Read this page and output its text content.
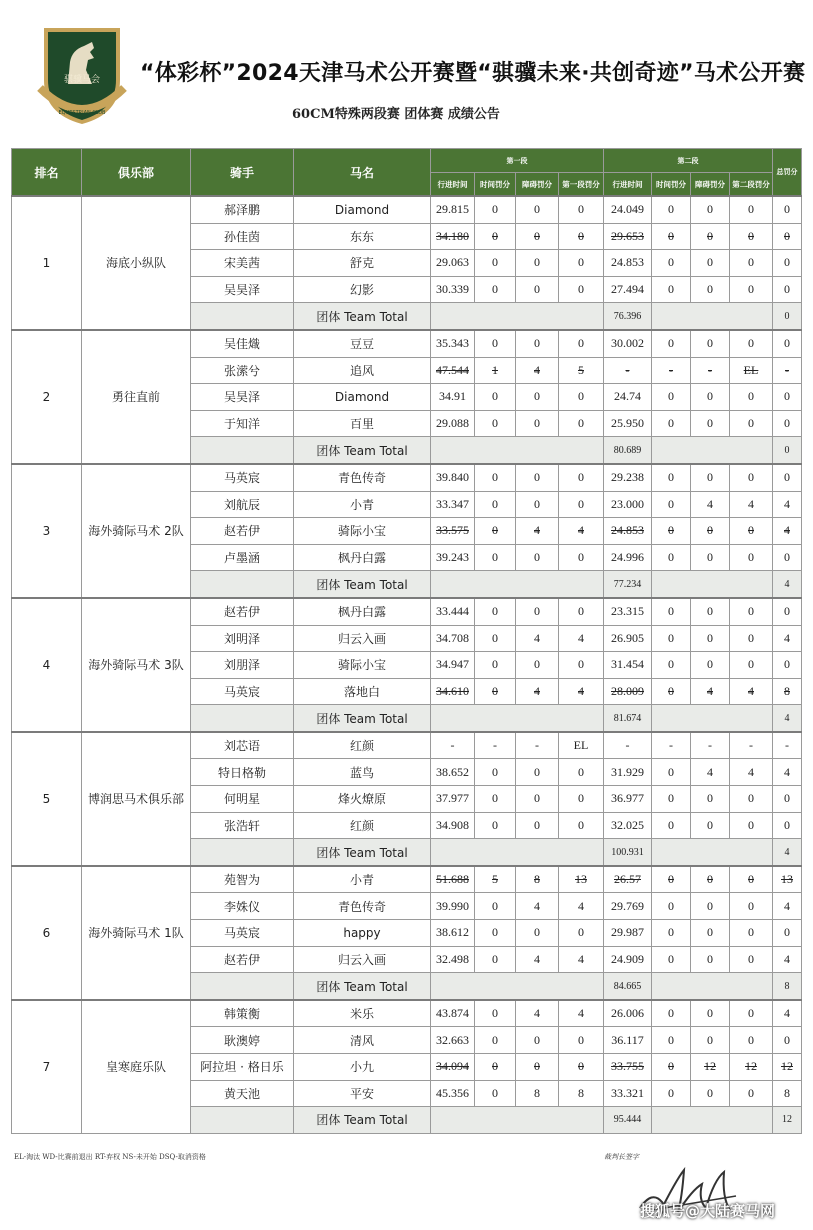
骐骥马会
EQUESTRIAN CLUB
“体彩杯”2024天津马术公开赛暨“骐骥未来·共创奇迹”马术公开赛
60CM特殊两段赛 团体赛 成绩公告
排名	俱乐部	骑手	马名	第一段				第二段				总罚分
				行进时间	时间罚分	障碍罚分	第一段罚分	行进时间	时间罚分	障碍罚分	第二段罚分	
1	海底小纵队	郝泽鹏	Diamond	29.815	0	0	0	24.049	0	0	0	0
		孙佳茵	东东	34.180	0	0	0	29.653	0	0	0	0
		宋美茜	舒克	29.063	0	0	0	24.853	0	0	0	0
		吴昊泽	幻影	30.339	0	0	0	27.494	0	0	0	0
			团体 Team Total					76.396				0
2	勇往直前	吴佳熾	豆豆	35.343	0	0	0	30.002	0	0	0	0
		张潆兮	追风	47.544	1	4	5	-	-	-	EL	-
		吴昊泽	Diamond	34.91	0	0	0	24.74	0	0	0	0
		于知洋	百里	29.088	0	0	0	25.950	0	0	0	0
			团体 Team Total					80.689				0
3	海外骑际马术 2队	马英宸	青色传奇	39.840	0	0	0	29.238	0	0	0	0
		刘航辰	小青	33.347	0	0	0	23.000	0	4	4	4
		赵若伊	骑际小宝	33.575	0	4	4	24.853	0	0	0	4
		卢墨涵	枫丹白露	39.243	0	0	0	24.996	0	0	0	0
			团体 Team Total					77.234				4
4	海外骑际马术 3队	赵若伊	枫丹白露	33.444	0	0	0	23.315	0	0	0	0
		刘明泽	归云入画	34.708	0	4	4	26.905	0	0	0	4
		刘朋泽	骑际小宝	34.947	0	0	0	31.454	0	0	0	0
		马英宸	落地白	34.610	0	4	4	28.009	0	4	4	8
			团体 Team Total					81.674				4
5	博润思马术俱乐部	刘芯语	红颜	-	-	-	EL	-	-	-	-	-
		特日格勒	蓝鸟	38.652	0	0	0	31.929	0	4	4	4
		何明星	烽火燎原	37.977	0	0	0	36.977	0	0	0	0
		张浩轩	红颜	34.908	0	0	0	32.025	0	0	0	0
			团体 Team Total					100.931				4
6	海外骑际马术 1队	苑智为	小青	51.688	5	8	13	26.57	0	0	0	13
		李姝仪	青色传奇	39.990	0	4	4	29.769	0	0	0	4
		马英宸	happy	38.612	0	0	0	29.987	0	0	0	0
		赵若伊	归云入画	32.498	0	4	4	24.909	0	0	0	4
			团体 Team Total					84.665				8
7	皇寒庭乐队	韩策衡	米乐	43.874	0	4	4	26.006	0	0	0	4
		耿澳婷	清风	32.663	0	0	0	36.117	0	0	0	0
		阿拉坦 · 格日乐	小九	34.094	0	0	0	33.755	0	12	12	12
		黄天池	平安	45.356	0	8	8	33.321	0	0	0	8
			团体 Team Total					95.444				12
EL-淘汰 WD-比赛前退出 RT-弃权 NS-未开始 DSQ-取消资格	裁判长签字
搜狐号@大陆赛马网
